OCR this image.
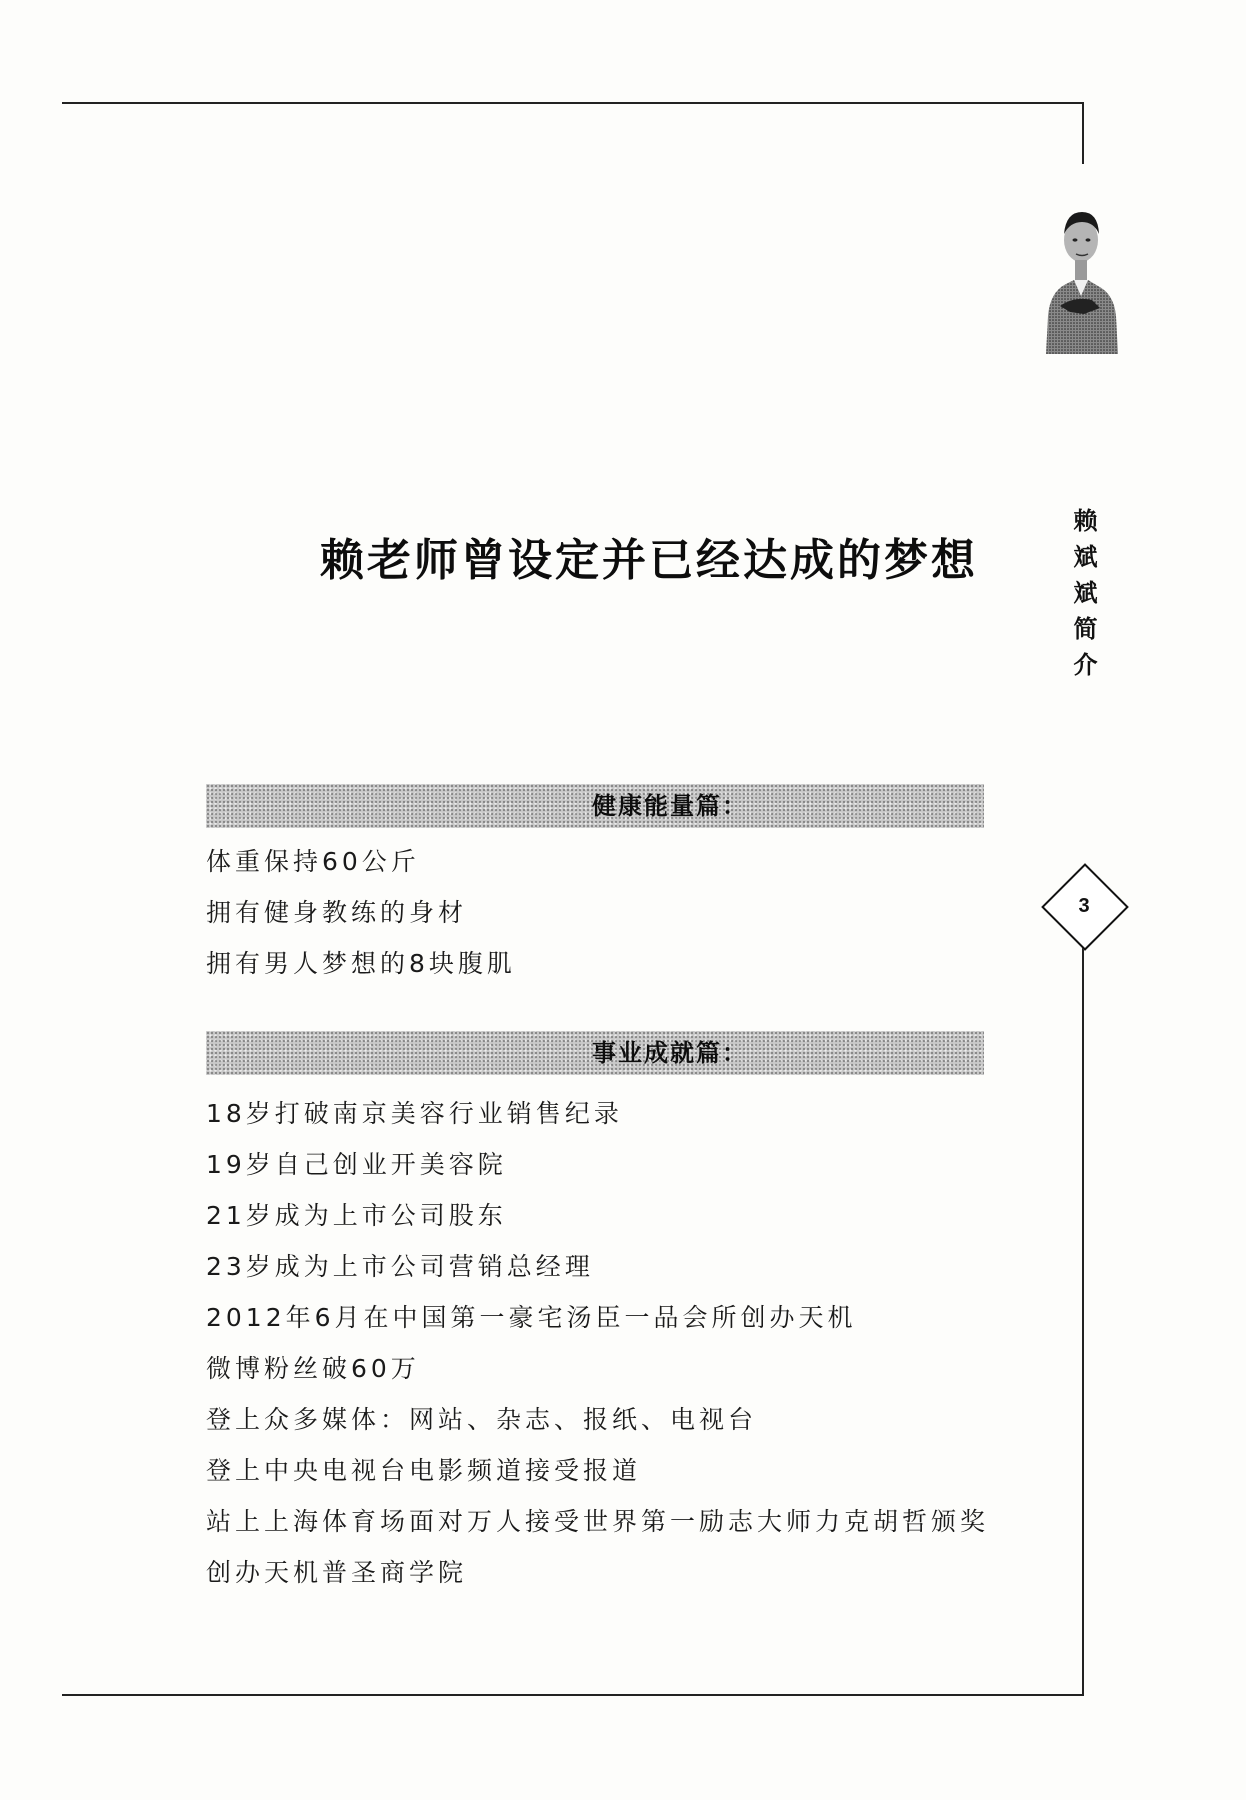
赖斌斌简介
3
赖老师曾设定并已经达成的梦想
健康能量篇：
体重保持60公斤
拥有健身教练的身材
拥有男人梦想的8块腹肌
事业成就篇：
18岁打破南京美容行业销售纪录
19岁自己创业开美容院
21岁成为上市公司股东
23岁成为上市公司营销总经理
2012年6月在中国第一豪宅汤臣一品会所创办天机
微博粉丝破60万
登上众多媒体：网站、杂志、报纸、电视台
登上中央电视台电影频道接受报道
站上上海体育场面对万人接受世界第一励志大师力克胡哲颁奖
创办天机普圣商学院
